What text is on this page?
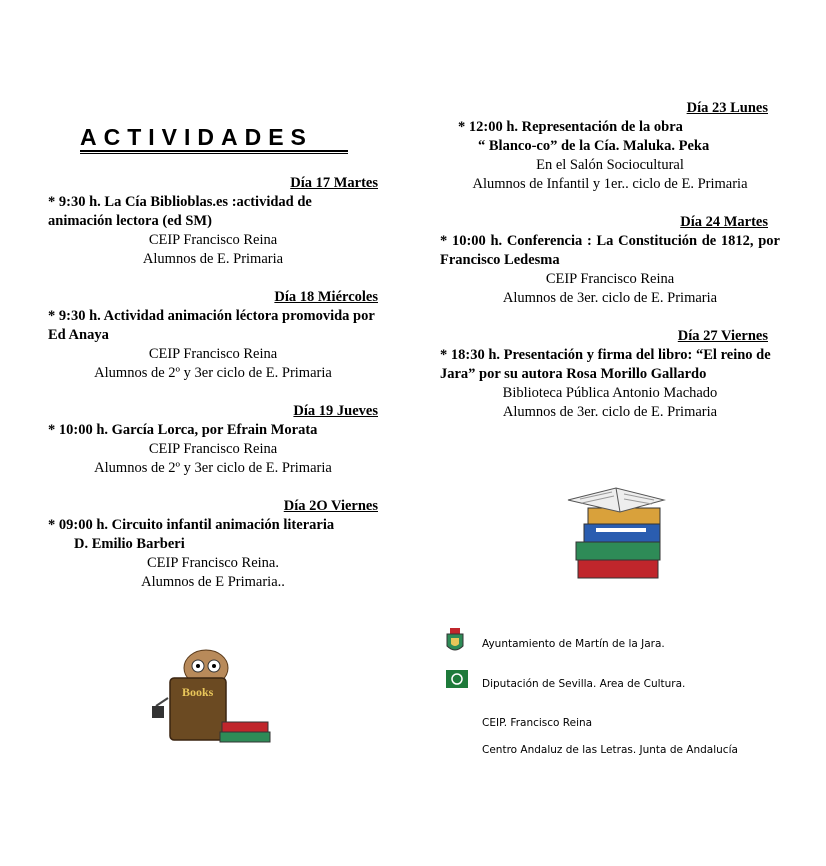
ACTIVIDADES
Día 17 Martes
* 9:30 h. La Cía Biblioblas.es :actividad de animación lectora (ed SM)
CEIP Francisco Reina
Alumnos de E. Primaria
Día 18 Miércoles
* 9:30 h. Actividad animación léctora promovida por Ed Anaya
CEIP Francisco Reina
Alumnos de 2º y 3er ciclo de E. Primaria
Día 19 Jueves
* 10:00 h. García Lorca, por Efrain Morata
CEIP Francisco Reina
Alumnos de 2º y 3er ciclo de E. Primaria
Día 2O Viernes
* 09:00 h. Circuito infantil animación literaria
D. Emilio Barberi
CEIP Francisco Reina.
Alumnos de E Primaria..
Día 23 Lunes
* 12:00 h. Representación de la obra
“ Blanco-co” de la Cía. Maluka. Peka
En el Salón Sociocultural
Alumnos de Infantil y 1er.. ciclo de E. Primaria
Día 24 Martes
* 10:00 h. Conferencia : La Constitución de 1812, por Francisco Ledesma
CEIP Francisco Reina
Alumnos de 3er. ciclo de E. Primaria
Día 27 Viernes
* 18:30 h. Presentación y firma del libro: “El reino de Jara” por su autora Rosa Morillo Gallardo
Biblioteca Pública Antonio Machado
Alumnos de 3er. ciclo de E. Primaria
Books
Ayuntamiento de Martín de la Jara.
Diputación de Sevilla. Area de Cultura.
CEIP. Francisco Reina
Centro Andaluz de las Letras. Junta de Andalucía
